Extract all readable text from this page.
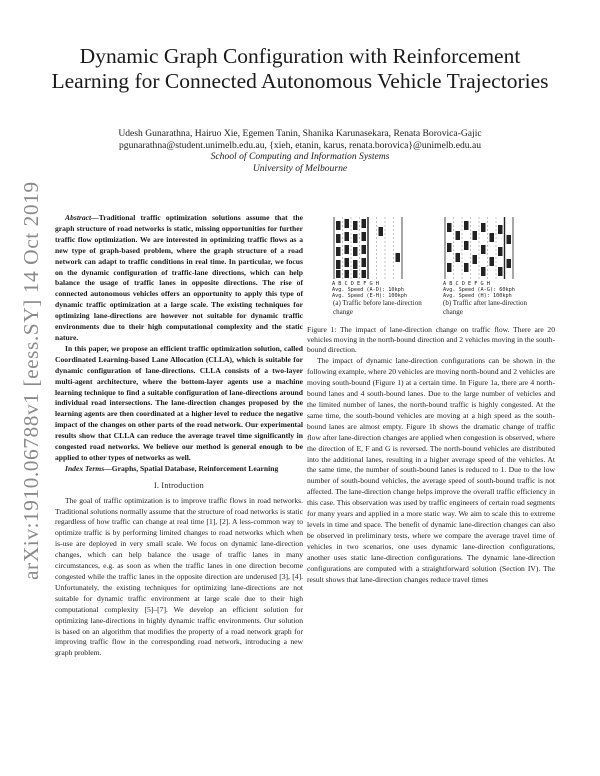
Dynamic Graph Configuration with Reinforcement Learning for Connected Autonomous Vehicle Trajectories
Udesh Gunarathna, Hairuo Xie, Egemen Tanin, Shanika Karunasekara, Renata Borovica-Gajic
pgunarathna@student.unimelb.edu.au, {xieh, etanin, karus, renata.borovica}@unimelb.edu.au
School of Computing and Information Systems
University of Melbourne
arXiv:1910.06788v1 [eess.SY] 14 Oct 2019	Abstract—Traditional traffic optimization solutions assume that the graph structure of road networks is static, missing opportunities for further traffic flow optimization. We are interested in optimizing traffic flows as a new type of graph-based problem, where the graph structure of a road network can adapt to traffic conditions in real time. In particular, we focus on the dynamic configuration of traffic-lane directions, which can help balance the usage of traffic lanes in opposite directions. The rise of connected autonomous vehicles offers an opportunity to apply this type of dynamic traffic optimization at a large scale. The existing techniques for optimizing lane-directions are however not suitable for dynamic traffic environments due to their high computational complexity and the static nature.

In this paper, we propose an efficient traffic optimization solution, called Coordinated Learning-based Lane Allocation (CLLA), which is suitable for dynamic configuration of lane-directions. CLLA consists of a two-layer multi-agent architecture, where the bottom-layer agents use a machine learning technique to find a suitable configuration of lane-directions around individual road intersections. The lane-direction changes proposed by the learning agents are then coordinated at a higher level to reduce the negative impact of the changes on other parts of the road network. Our experimental results show that CLLA can reduce the average travel time significantly in congested road networks. We believe our method is general enough to be applied to other types of networks as well.

Index Terms—Graphs, Spatial Database, Reinforcement Learning

I. Introduction

The goal of traffic optimization is to improve traffic flows in road networks. Traditional solutions normally assume that the structure of road networks is static regardless of how traffic can change at real time [1], [2]. A less-common way to optimize traffic is by performing limited changes to road networks which when is-use are deployed in very small scale. We focus on dynamic lane-direction changes, which can help balance the usage of traffic lanes in many circumstances, e.g. as soon as when the traffic lanes in one direction become congested while the traffic lanes in the opposite direction are underused [3], [4]. Unfortunately, the existing techniques for optimizing lane-directions are not suitable for dynamic traffic environment at large scale due to their high computational complexity [5]–[7]. We develop an efficient solution for optimizing lane-directions in highly dynamic traffic environments. Our solution is based on an algorithm that modifies the property of a road network graph for improving traffic flow in the corresponding road network, introducing a new graph problem.

A B C D E F G H
Avg. Speed (A-D): 10kph
Avg. Speed (E-H): 100kph
A B C D E F G H
Avg. Speed (A-G): 60kph
Avg. Speed (H): 100kph
(a) Traffic before lane-direction change
(b) Traffic after lane-direction change
Figure 1: The impact of lane-direction change on traffic flow. There are 20 vehicles moving in the north-bound direction and 2 vehicles moving in the south-bound direction.

The impact of dynamic lane-direction configurations can be shown in the following example, where 20 vehicles are moving north-bound and 2 vehicles are moving south-bound (Figure 1) at a certain time. In Figure 1a, there are 4 north-bound lanes and 4 south-bound lanes. Due to the large number of vehicles and the limited number of lanes, the north-bound traffic is highly congested. At the same time, the south-bound vehicles are moving at a high speed as the south-bound lanes are almost empty. Figure 1b shows the dramatic change of traffic flow after lane-direction changes are applied when congestion is observed, where the direction of E, F and G is reversed. The north-bound vehicles are distributed into the additional lanes, resulting in a higher average speed of the vehicles. At the same time, the number of south-bound lanes is reduced to 1. Due to the low number of south-bound vehicles, the average speed of south-bound traffic is not affected. The lane-direction change helps improve the overall traffic efficiency in this case. This observation was used by traffic engineers of certain road segments for many years and applied in a more static way. We aim to scale this to extreme levels in time and space. The benefit of dynamic lane-direction changes can also be observed in preliminary tests, where we compare the average travel time of vehicles in two scenarios, one uses dynamic lane-direction configurations, another uses static lane-direction configurations. The dynamic lane-direction configurations are computed with a straightforward solution (Section IV). The result shows that lane-direction changes reduce travel times
